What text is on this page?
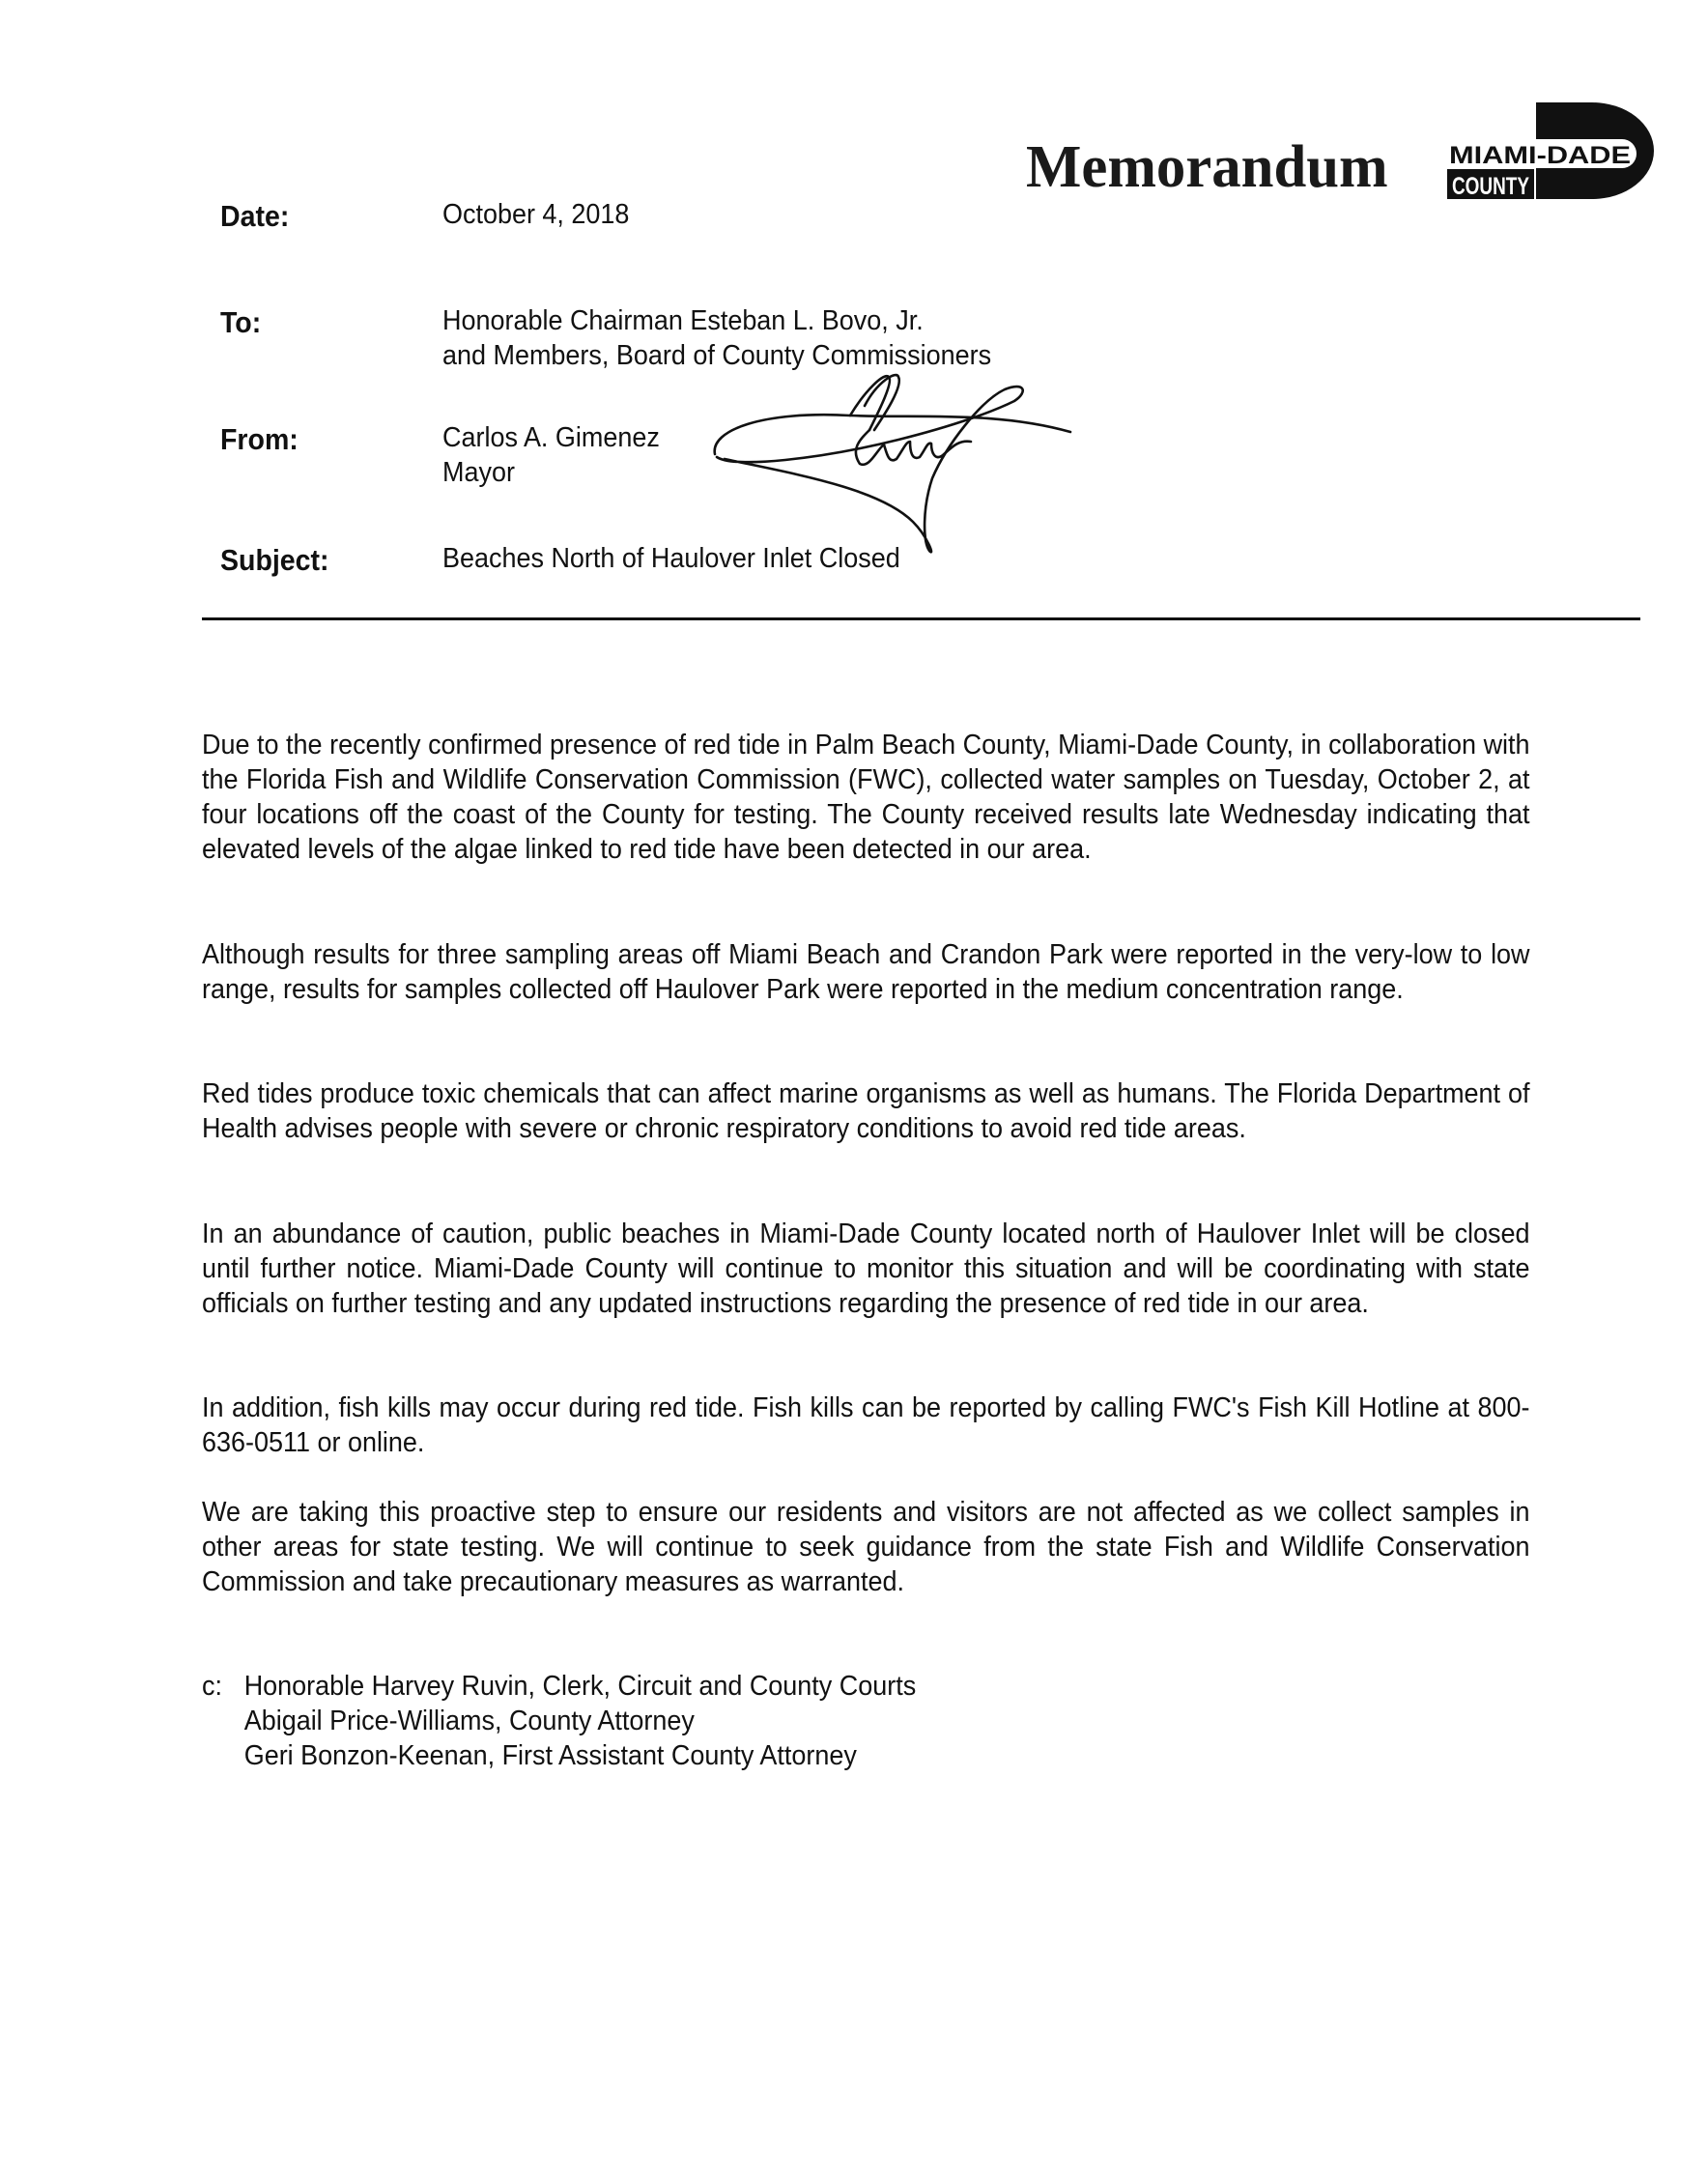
Memorandum	MIAMI-DADE
COUNTY
Date:	October 4, 2018
To:	Honorable Chairman Esteban L. Bovo, Jr.
and Members, Board of County Commissioners
From:	Carlos A. Gimenez
Mayor
Subject:	Beaches North of Haulover Inlet Closed
Due to the recently confirmed presence of red tide in Palm Beach County, Miami-Dade County, in collaboration with the Florida Fish and Wildlife Conservation Commission (FWC), collected water samples on Tuesday, October 2, at four locations off the coast of the County for testing. The County received results late Wednesday indicating that elevated levels of the algae linked to red tide have been detected in our area.
Although results for three sampling areas off Miami Beach and Crandon Park were reported in the very-low to low range, results for samples collected off Haulover Park were reported in the medium concentration range.
Red tides produce toxic chemicals that can affect marine organisms as well as humans. The Florida Department of Health advises people with severe or chronic respiratory conditions to avoid red tide areas.
In an abundance of caution, public beaches in Miami-Dade County located north of Haulover Inlet will be closed until further notice. Miami-Dade County will continue to monitor this situation and will be coordinating with state officials on further testing and any updated instructions regarding the presence of red tide in our area.
In addition, fish kills may occur during red tide. Fish kills can be reported by calling FWC's Fish Kill Hotline at 800-636-0511 or online.
We are taking this proactive step to ensure our residents and visitors are not affected as we collect samples in other areas for state testing. We will continue to seek guidance from the state Fish and Wildlife Conservation Commission and take precautionary measures as warranted.
c: Honorable Harvey Ruvin, Clerk, Circuit and County Courts
Abigail Price-Williams, County Attorney
Geri Bonzon-Keenan, First Assistant County Attorney
